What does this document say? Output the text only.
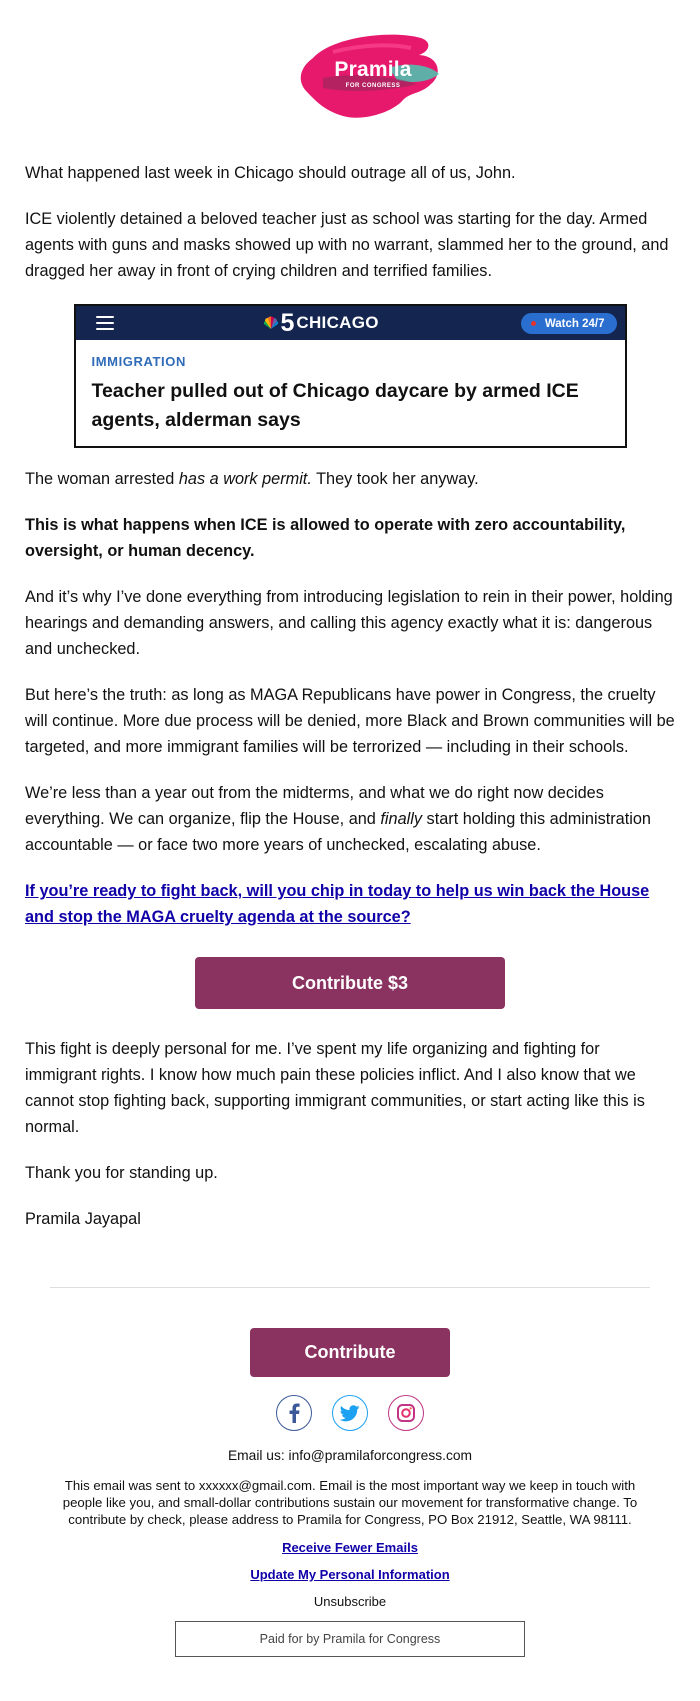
Pramila
FOR CONGRESS

What happened last week in Chicago should outrage all of us, John.

ICE violently detained a beloved teacher just as school was starting for the day. Armed agents with guns and masks showed up with no warrant, slammed her to the ground, and dragged her away in front of crying children and terrified families.

5 CHICAGO	Watch 24/7
IMMIGRATION
Teacher pulled out of Chicago daycare by armed ICE agents, alderman says

The woman arrested has a work permit. They took her anyway.

This is what happens when ICE is allowed to operate with zero accountability, oversight, or human decency.

And it’s why I’ve done everything from introducing legislation to rein in their power, holding hearings and demanding answers, and calling this agency exactly what it is: dangerous and unchecked.

But here’s the truth: as long as MAGA Republicans have power in Congress, the cruelty will continue. More due process will be denied, more Black and Brown communities will be targeted, and more immigrant families will be terrorized — including in their schools.

We’re less than a year out from the midterms, and what we do right now decides everything. We can organize, flip the House, and finally start holding this administration accountable — or face two more years of unchecked, escalating abuse.

If you’re ready to fight back, will you chip in today to help us win back the House and stop the MAGA cruelty agenda at the source?

Contribute $3

This fight is deeply personal for me. I’ve spent my life organizing and fighting for immigrant rights. I know how much pain these policies inflict. And I also know that we cannot stop fighting back, supporting immigrant communities, or start acting like this is normal.

Thank you for standing up.

Pramila Jayapal

Contribute
Email us: info@pramilaforcongress.com
This email was sent to xxxxxx@gmail.com. Email is the most important way we keep in touch with people like you, and small-dollar contributions sustain our movement for transformative change. To contribute by check, please address to Pramila for Congress, PO Box 21912, Seattle, WA 98111.
Receive Fewer Emails
Update My Personal Information
Unsubscribe
Paid for by Pramila for Congress
